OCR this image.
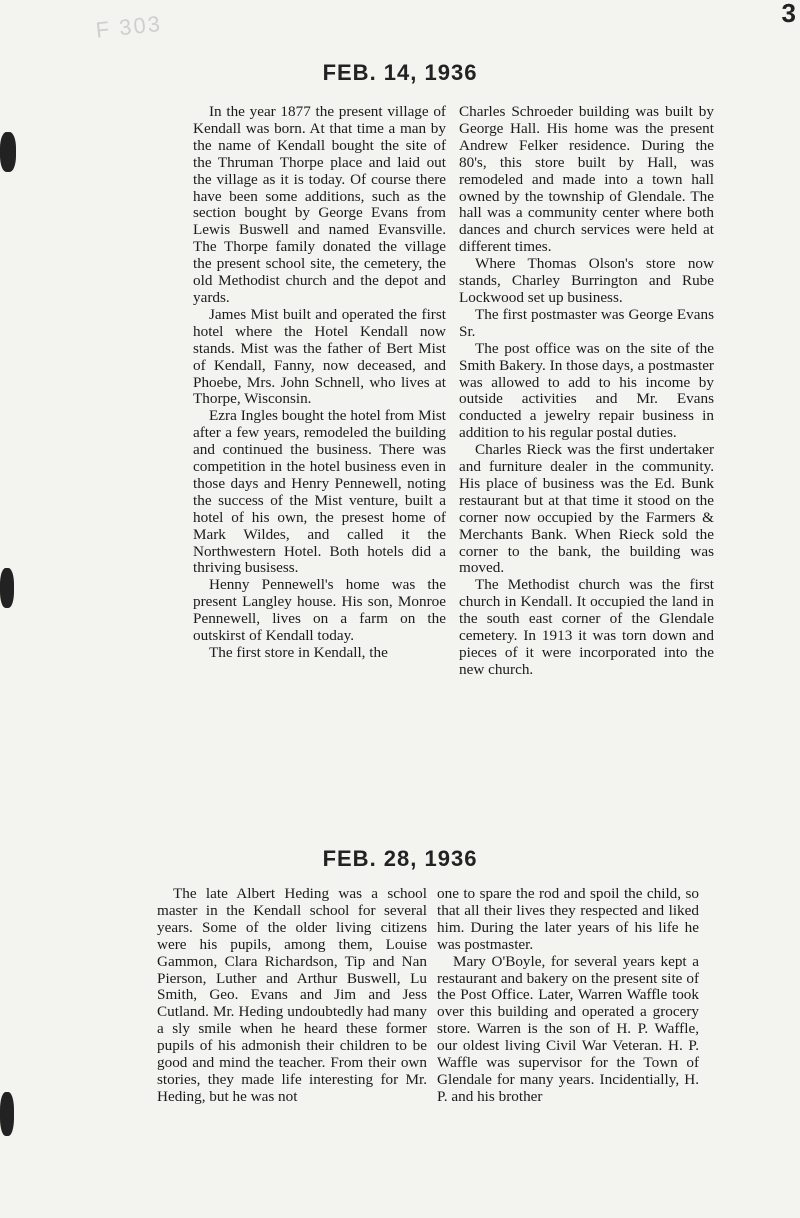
3
F 303
FEB. 14, 1936

In the year 1877 the present village of Kendall was born. At that time a man by the name of Kendall bought the site of the Thruman Thorpe place and laid out the village as it is today. Of course there have been some additions, such as the section bought by George Evans from Lewis Buswell and named Evansville. The Thorpe family donated the village the present school site, the cemetery, the old Methodist church and the depot and yards.

James Mist built and operated the first hotel where the Hotel Kendall now stands. Mist was the father of Bert Mist of Kendall, Fanny, now deceased, and Phoebe, Mrs. John Schnell, who lives at Thorpe, Wisconsin.

Ezra Ingles bought the hotel from Mist after a few years, remodeled the building and continued the business. There was competition in the hotel business even in those days and Henry Pennewell, noting the success of the Mist venture, built a hotel of his own, the presest home of Mark Wildes, and called it the Northwestern Hotel. Both hotels did a thriving busisess.

Henny Pennewell's home was the present Langley house. His son, Monroe Pennewell, lives on a farm on the outskirst of Kendall today.

The first store in Kendall, the

Charles Schroeder building was built by George Hall. His home was the present Andrew Felker residence. During the 80's, this store built by Hall, was remodeled and made into a town hall owned by the township of Glendale. The hall was a community center where both dances and church services were held at different times.

Where Thomas Olson's store now stands, Charley Burrington and Rube Lockwood set up business.

The first postmaster was George Evans Sr.

The post office was on the site of the Smith Bakery. In those days, a postmaster was allowed to add to his income by outside activities and Mr. Evans conducted a jewelry repair business in addition to his regular postal duties.

Charles Rieck was the first undertaker and furniture dealer in the community. His place of business was the Ed. Bunk restaurant but at that time it stood on the corner now occupied by the Farmers & Merchants Bank. When Rieck sold the corner to the bank, the building was moved.

The Methodist church was the first church in Kendall. It occupied the land in the south east corner of the Glendale cemetery. In 1913 it was torn down and pieces of it were incorporated into the new church.

FEB. 28, 1936

The late Albert Heding was a school master in the Kendall school for several years. Some of the older living citizens were his pupils, among them, Louise Gammon, Clara Richardson, Tip and Nan Pierson, Luther and Arthur Buswell, Lu Smith, Geo. Evans and Jim and Jess Cutland. Mr. Heding undoubtedly had many a sly smile when he heard these former pupils of his admonish their children to be good and mind the teacher. From their own stories, they made life interesting for Mr. Heding, but he was not

one to spare the rod and spoil the child, so that all their lives they respected and liked him. During the later years of his life he was postmaster.

Mary O'Boyle, for several years kept a restaurant and bakery on the present site of the Post Office. Later, Warren Waffle took over this building and operated a grocery store. Warren is the son of H. P. Waffle, our oldest living Civil War Veteran. H. P. Waffle was supervisor for the Town of Glendale for many years. Incidentially, H. P. and his brother
